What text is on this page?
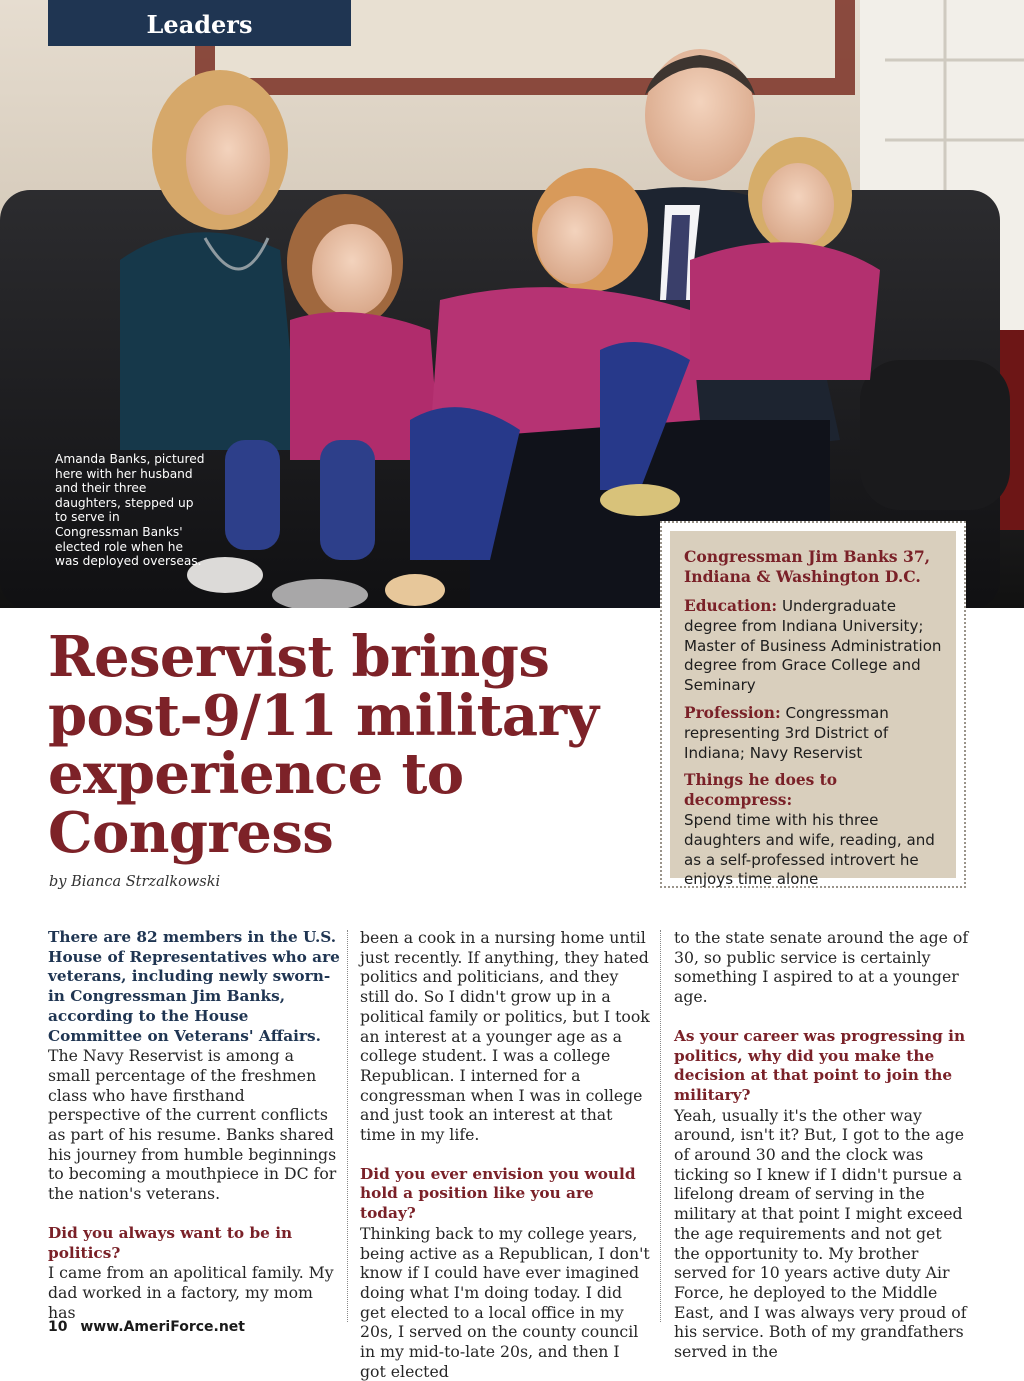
Leaders
Amanda Banks, pictured here with her husband and their three daughters, stepped up to serve in Congressman Banks' elected role when he was deployed overseas.	Congressman Jim Banks 37, Indiana & Washington D.C.
Education: Undergraduate degree from Indiana University; Master of Business Administration degree from Grace College and Seminary
Profession: Congressman representing 3rd District of Indiana; Navy Reservist
Things he does to decompress:
Spend time with his three daughters and wife, reading, and as a self-professed introvert he enjoys time alone
Reservist brings post-9/11 military experience to Congress
by Bianca Strzalkowski

There are 82 members in the U.S. House of Representatives who are veterans, including newly sworn-in Congressman Jim Banks, according to the House Committee on Veterans' Affairs.

The Navy Reservist is among a small percentage of the freshmen class who have firsthand perspective of the current conflicts as part of his resume. Banks shared his journey from humble beginnings to becoming a mouthpiece in DC for the nation's veterans.

Did you always want to be in politics?

I came from an apolitical family. My dad worked in a factory, my mom has

been a cook in a nursing home until just recently. If anything, they hated politics and politicians, and they still do. So I didn't grow up in a political family or politics, but I took an interest at a younger age as a college student. I was a college Republican. I interned for a congressman when I was in college and just took an interest at that time in my life.

Did you ever envision you would hold a position like you are today?

Thinking back to my college years, being active as a Republican, I don't know if I could have ever imagined doing what I'm doing today. I did get elected to a local office in my 20s, I served on the county council in my mid-to-late 20s, and then I got elected

to the state senate around the age of 30, so public service is certainly something I aspired to at a younger age.

As your career was progressing in politics, why did you make the decision at that point to join the military?

Yeah, usually it's the other way around, isn't it? But, I got to the age of around 30 and the clock was ticking so I knew if I didn't pursue a lifelong dream of serving in the military at that point I might exceed the age requirements and not get the opportunity to. My brother served for 10 years active duty Air Force, he deployed to the Middle East, and I was always very proud of his service. Both of my grandfathers served in the

10 www.AmeriForce.net
